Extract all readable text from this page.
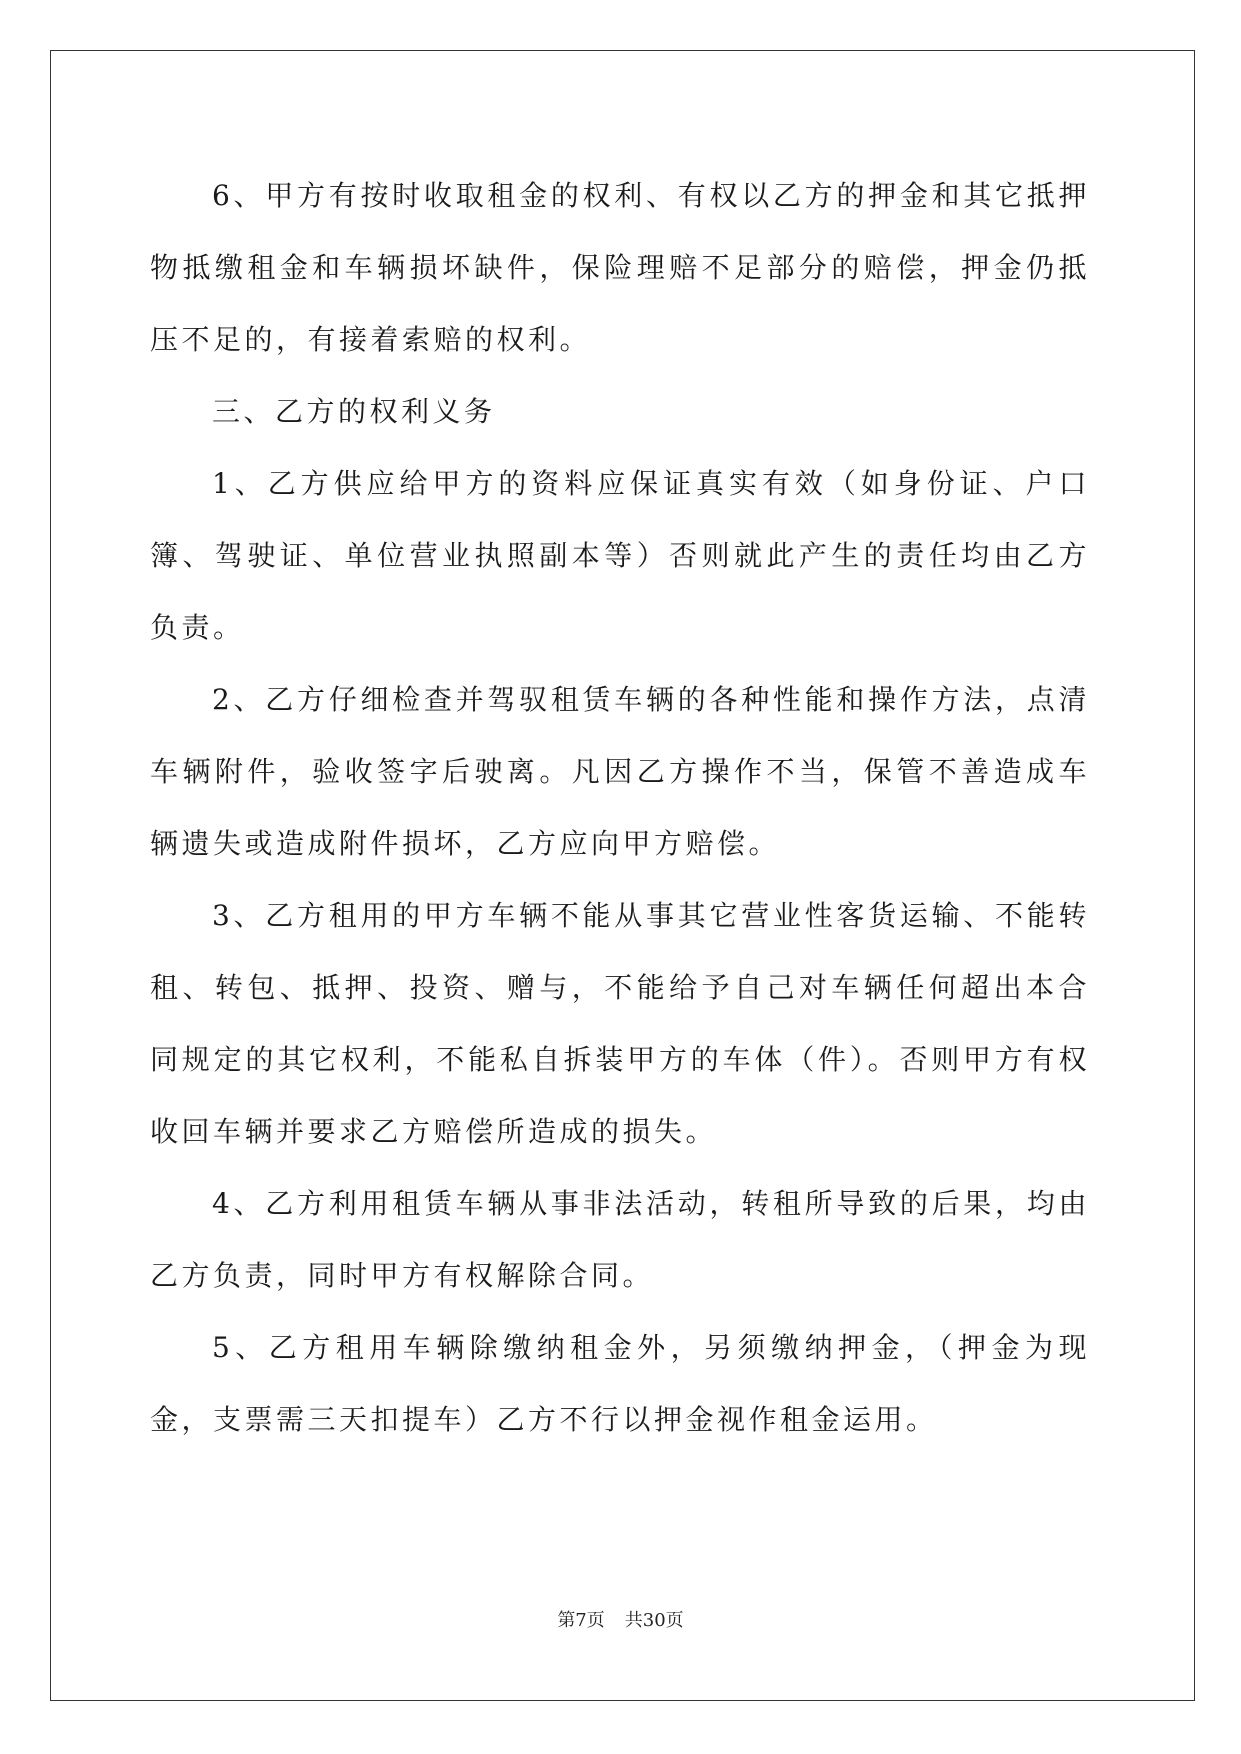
6、甲方有按时收取租金的权利、有权以乙方的押金和其它抵押物抵缴租金和车辆损坏缺件，保险理赔不足部分的赔偿，押金仍抵压不足的，有接着索赔的权利。

三、乙方的权利义务

1、乙方供应给甲方的资料应保证真实有效（如身份证、户口簿、驾驶证、单位营业执照副本等）否则就此产生的责任均由乙方负责。

2、乙方仔细检查并驾驭租赁车辆的各种性能和操作方法，点清车辆附件，验收签字后驶离。凡因乙方操作不当，保管不善造成车辆遗失或造成附件损坏，乙方应向甲方赔偿。

3、乙方租用的甲方车辆不能从事其它营业性客货运输、不能转租、转包、抵押、投资、赠与，不能给予自己对车辆任何超出本合同规定的其它权利，不能私自拆装甲方的车体（件）。否则甲方有权收回车辆并要求乙方赔偿所造成的损失。

4、乙方利用租赁车辆从事非法活动，转租所导致的后果，均由乙方负责，同时甲方有权解除合同。

5、乙方租用车辆除缴纳租金外，另须缴纳押金，（押金为现金，支票需三天扣提车）乙方不行以押金视作租金运用。

第7页 共30页
